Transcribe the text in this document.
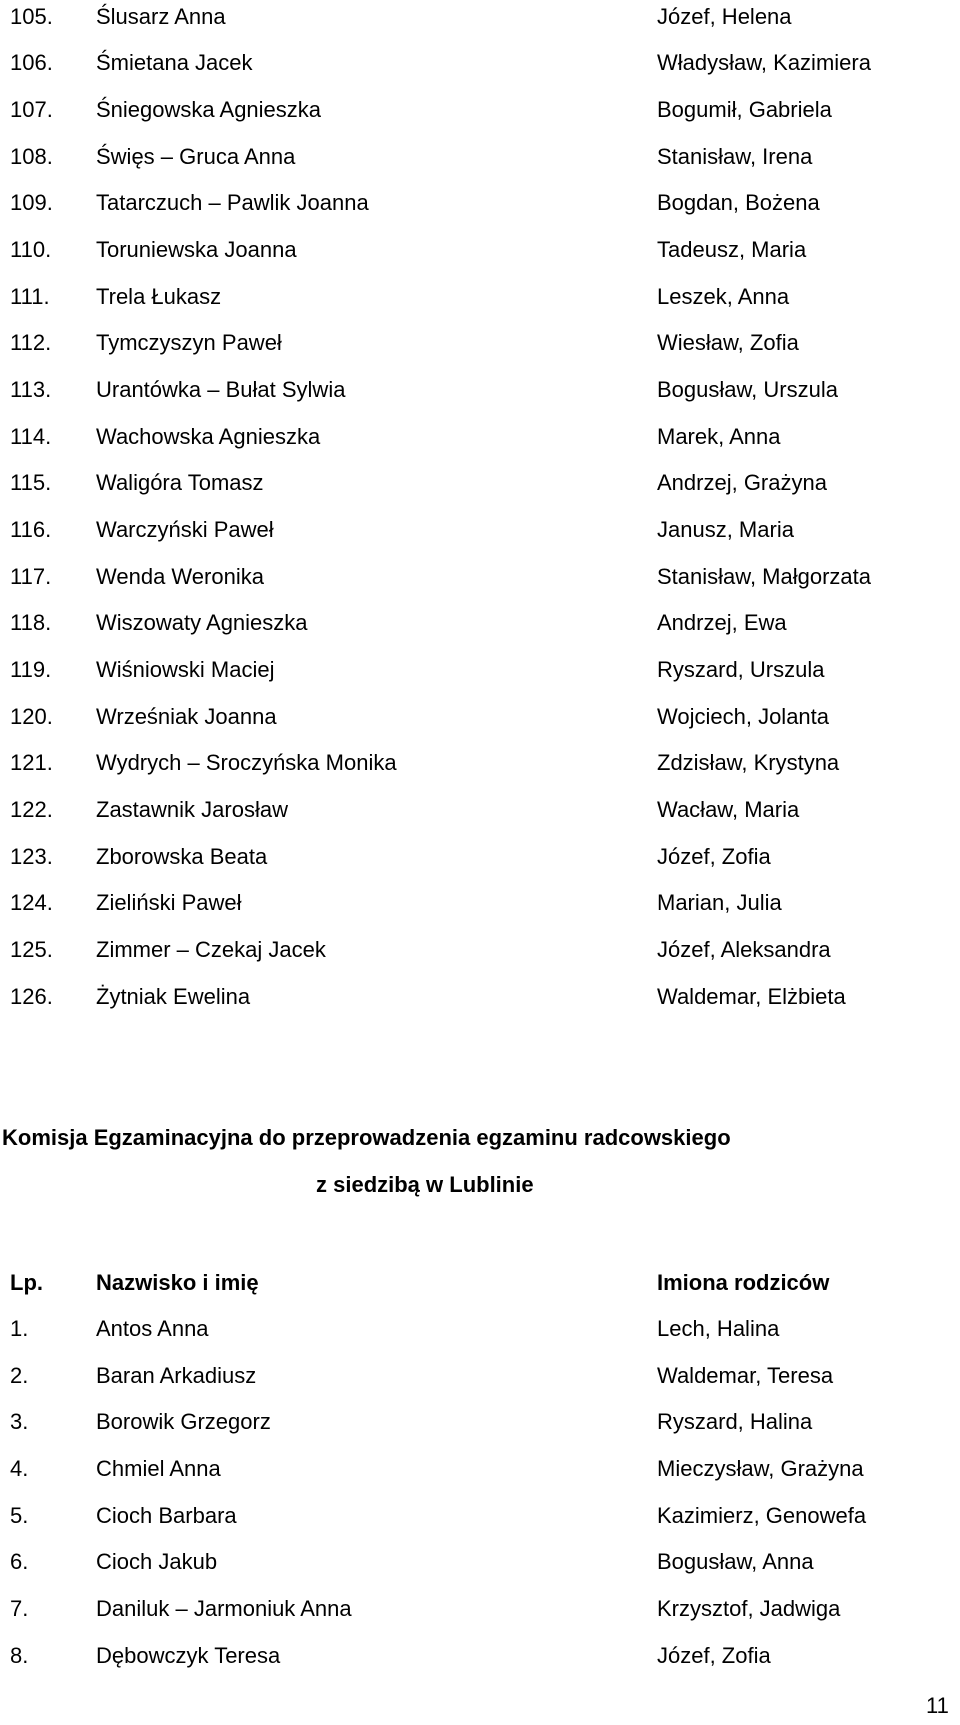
105. Ślusarz Anna	Józef, Helena
106. Śmietana Jacek	Władysław, Kazimiera
107. Śniegowska Agnieszka	Bogumił, Gabriela
108. Święs – Gruca Anna	Stanisław, Irena
109. Tatarczuch – Pawlik Joanna	Bogdan, Bożena
110. Toruniewska Joanna	Tadeusz, Maria
111. Trela Łukasz	Leszek, Anna
112. Tymczyszyn Paweł	Wiesław, Zofia
113. Urantówka – Bułat Sylwia	Bogusław, Urszula
114. Wachowska Agnieszka	Marek, Anna
115. Waligóra Tomasz	Andrzej, Grażyna
116. Warczyński Paweł	Janusz, Maria
117. Wenda Weronika	Stanisław, Małgorzata
118. Wiszowaty Agnieszka	Andrzej, Ewa
119. Wiśniowski Maciej	Ryszard, Urszula
120. Wrześniak Joanna	Wojciech, Jolanta
121. Wydrych – Sroczyńska Monika	Zdzisław, Krystyna
122. Zastawnik Jarosław	Wacław, Maria
123. Zborowska Beata	Józef, Zofia
124. Zieliński Paweł	Marian, Julia
125. Zimmer – Czekaj Jacek	Józef, Aleksandra
126. Żytniak Ewelina	Waldemar, Elżbieta
Komisja Egzaminacyjna do przeprowadzenia egzaminu radcowskiego
z siedzibą w Lublinie
Lp. Nazwisko i imię	Imiona rodziców
1.	Antos Anna	Lech, Halina
2.	Baran Arkadiusz	Waldemar, Teresa
3.	Borowik Grzegorz	Ryszard, Halina
4.	Chmiel Anna	Mieczysław, Grażyna
5.	Cioch Barbara	Kazimierz, Genowefa
6.	Cioch Jakub	Bogusław, Anna
7.	Daniluk – Jarmoniuk Anna	Krzysztof, Jadwiga
8.	Dębowczyk Teresa	Józef, Zofia
11
